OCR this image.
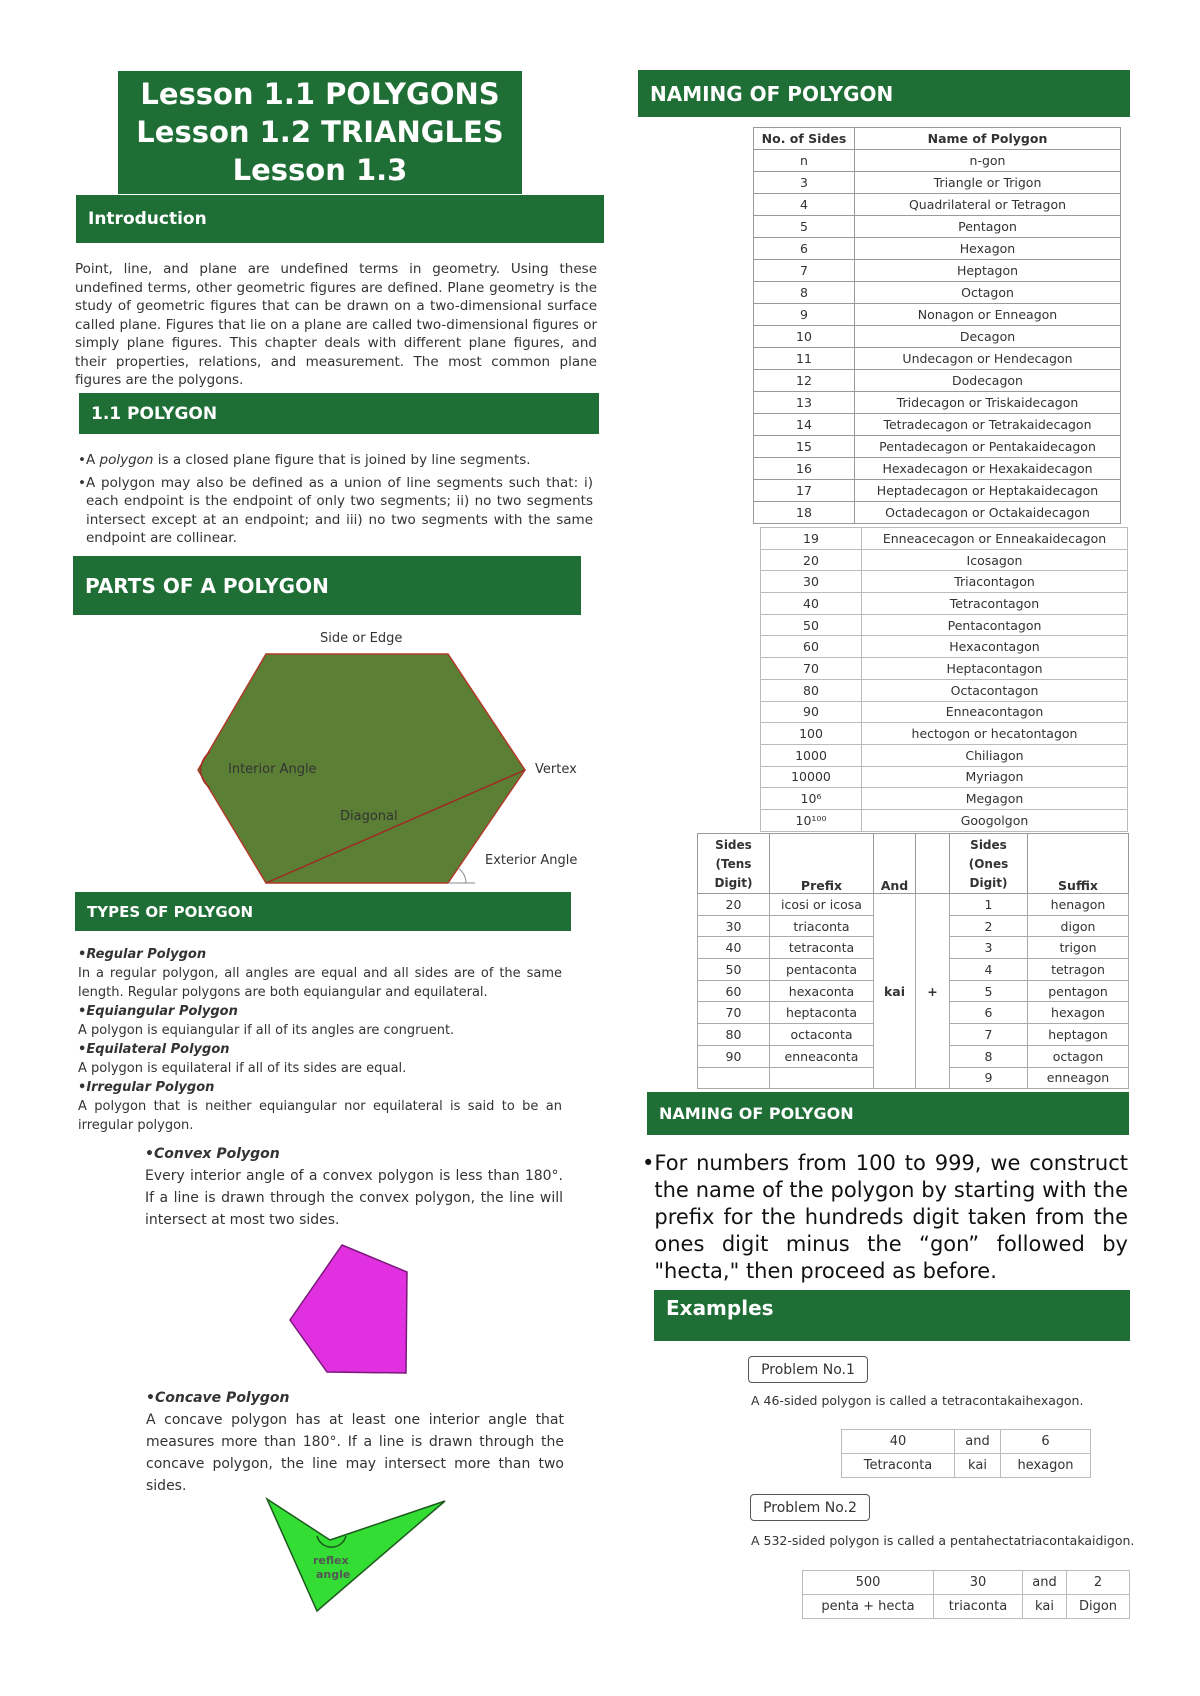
Lesson 1.1 POLYGONS
Lesson 1.2 TRIANGLES
Lesson 1.3
Introduction
Point, line, and plane are undefined terms in geometry. Using these undefined terms, other geometric figures are defined. Plane geometry is the study of geometric figures that can be drawn on a two-dimensional surface called plane. Figures that lie on a plane are called two-dimensional figures or simply plane figures. This chapter deals with different plane figures, and their properties, relations, and measurement. The most common plane figures are the polygons.
1.1 POLYGON
•A polygon is a closed plane figure that is joined by line segments.
• A polygon may also be defined as a union of line segments such that: i) each endpoint is the endpoint of only two segments; ii) no two segments intersect except at an endpoint; and iii) no two segments with the same endpoint are collinear.
PARTS OF A POLYGON
Side or Edge
Interior Angle	Vertex
Diagonal
Exterior Angle
TYPES OF POLYGON
•Regular Polygon
In a regular polygon, all angles are equal and all sides are of the same length. Regular polygons are both equiangular and equilateral.
•Equiangular Polygon
A polygon is equiangular if all of its angles are congruent.
•Equilateral Polygon
A polygon is equilateral if all of its sides are equal.
•Irregular Polygon
A polygon that is neither equiangular nor equilateral is said to be an irregular polygon.
•Convex Polygon
Every interior angle of a convex polygon is less than 180°. If a line is drawn through the convex polygon, the line will intersect at most two sides.
•Concave Polygon
A concave polygon has at least one interior angle that measures more than 180°. If a line is drawn through the concave polygon, the line may intersect more than two sides.
reflex
angle
NAMING OF POLYGON
No. of Sides	Name of Polygon
n	n-gon
3	Triangle or Trigon
4	Quadrilateral or Tetragon
5	Pentagon
6	Hexagon
7	Heptagon
8	Octagon
9	Nonagon or Enneagon
10	Decagon
11	Undecagon or Hendecagon
12	Dodecagon
13	Tridecagon or Triskaidecagon
14	Tetradecagon or Tetrakaidecagon
15	Pentadecagon or Pentakaidecagon
16	Hexadecagon or Hexakaidecagon
17	Heptadecagon or Heptakaidecagon
18	Octadecagon or Octakaidecagon
19	Enneacecagon or Enneakaidecagon
20	Icosagon
30	Triacontagon
40	Tetracontagon
50	Pentacontagon
60	Hexacontagon
70	Heptacontagon
80	Octacontagon
90	Enneacontagon
100	hectogon or hecatontagon
1000	Chiliagon
10000	Myriagon
10⁶	Megagon
10¹⁰⁰	Googolgon
Sides (Tens Digit)	Prefix	And		Sides (Ones Digit)	Suffix
20	icosi or icosa	kai	+	1	henagon
30	triaconta			2	digon
40	tetraconta			3	trigon
50	pentaconta			4	tetragon
60	hexaconta			5	pentagon
70	heptaconta			6	hexagon
80	octaconta			7	heptagon
90	enneaconta			8	octagon
				9	enneagon
NAMING OF POLYGON
• For numbers from 100 to 999, we construct the name of the polygon by starting with the prefix for the hundreds digit taken from the ones digit minus the “gon” followed by "hecta," then proceed as before.
Examples
Problem No.1
A 46-sided polygon is called a tetracontakaihexagon.
40	and	6
Tetraconta	kai	hexagon
Problem No.2
A 532-sided polygon is called a pentahectatriacontakaidigon.
500	30	and	2
penta + hecta	triaconta	kai	Digon
